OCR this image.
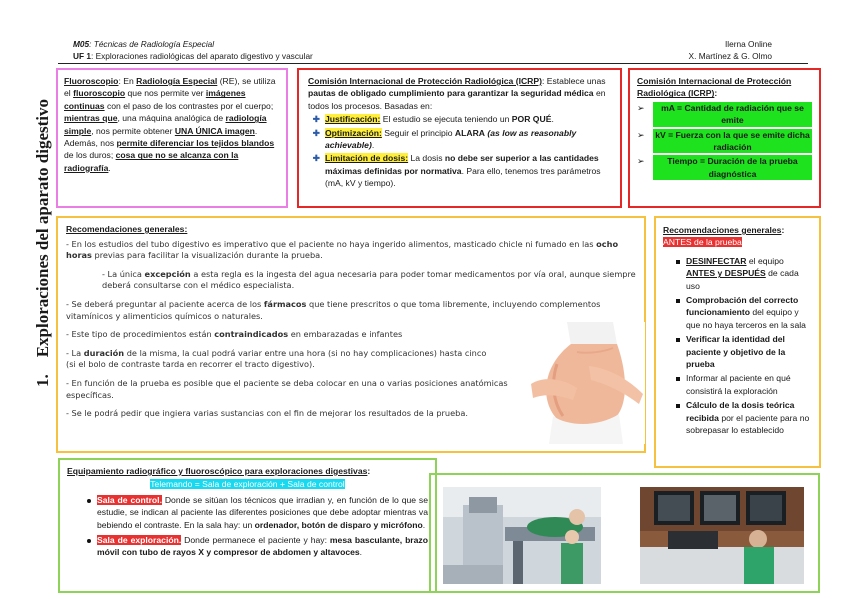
M05: Técnicas de Radiología Especial
UF 1: Exploraciones radiológicas del aparato digestivo y vascular
Ilerna Online
X. Martínez & G. Olmo
1.    Exploraciones del aparato digestivo
Fluoroscopio: En Radiología Especial (RE), se utiliza el fluoroscopio que nos permite ver imágenes continuas con el paso de los contrastes por el cuerpo; mientras que, una máquina analógica de radiología simple, nos permite obtener UNA ÚNICA imagen. Además, nos permite diferenciar los tejidos blandos de los duros; cosa que no se alcanza con la radiografía.
Comisión Internacional de Protección Radiológica (ICRP): Establece unas pautas de obligado cumplimiento para garantizar la seguridad médica en todos los procesos. Basadas en:
✚ Justificación: El estudio se ejecuta teniendo un POR QUÉ.
✚ Optimización: Seguir el principio ALARA (as low as reasonably achievable).
✚ Limitación de dosis: La dosis no debe ser superior a las cantidades máximas definidas por normativa. Para ello, tenemos tres parámetros (mA, kV y tiempo).
Comisión Internacional de Protección Radiológica (ICRP):
➢	mA = Cantidad de radiación que se emite
➢	kV = Fuerza con la que se emite dicha radiación
➢	Tiempo = Duración de la prueba diagnóstica
Recomendaciones generales:

- En los estudios del tubo digestivo es imperativo que el paciente no haya ingerido alimentos, masticado chicle ni fumado en las ocho horas previas para facilitar la visualización durante la prueba.

- La única excepción a esta regla es la ingesta del agua necesaria para poder tomar medicamentos por vía oral, aunque siempre deberá consultarse con el médico especialista.

- Se deberá preguntar al paciente acerca de los fármacos que tiene prescritos o que toma libremente, incluyendo complementos vitamínicos y alimenticios químicos o naturales.

- Este tipo de procedimientos están contraindicados en embarazadas e infantes

- La duración de la misma, la cual podrá variar entre una hora (si no hay complicaciones) hasta cinco (si el bolo de contraste tarda en recorrer el tracto digestivo).

- En función de la prueba es posible que el paciente se deba colocar en una o varias posiciones anatómicas específicas.

- Se le podrá pedir que ingiera varias sustancias con el fin de mejorar los resultados de la prueba.

Recomendaciones generales:
ANTES de la prueba
DESINFECTAR el equipo ANTES y DESPUÉS de cada uso
Comprobación del correcto funcionamiento del equipo y que no haya terceros en la sala
Verificar la identidad del paciente y objetivo de la prueba
Informar al paciente en qué consistirá la exploración
Cálculo de la dosis teórica recibida por el paciente para no sobrepasar lo establecido
Equipamiento radiográfico y fluoroscópico para exploraciones digestivas:
Telemando = Sala de exploración + Sala de control
Sala de control. Donde se sitúan los técnicos que irradian y, en función de lo que se estudie, se indican al paciente las diferentes posiciones que debe adoptar mientras va bebiendo el contraste. En la sala hay: un ordenador, botón de disparo y micrófono.
Sala de exploración. Donde permanece el paciente y hay: mesa basculante, brazo móvil con tubo de rayos X y compresor de abdomen y altavoces.
